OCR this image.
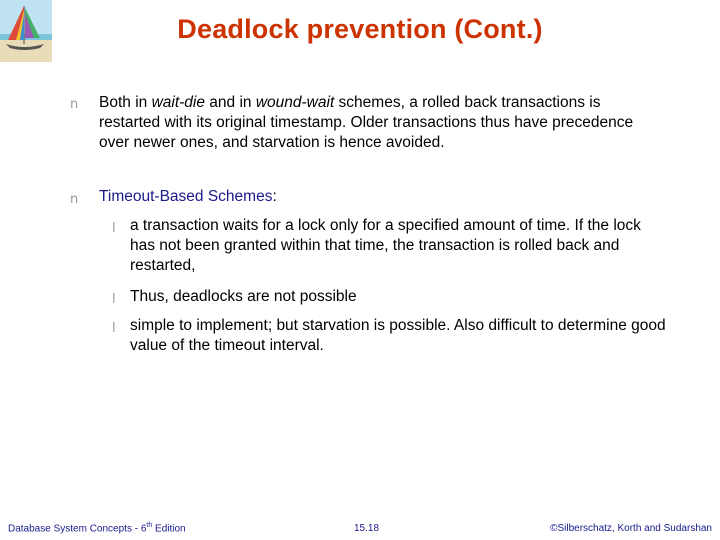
Deadlock prevention (Cont.)
n Both in wait-die and in wound-wait schemes, a rolled back transactions is restarted with its original timestamp. Older transactions thus have precedence over newer ones, and starvation is hence avoided.
n Timeout-Based Schemes:
l a transaction waits for a lock only for a specified amount of time. If the lock has not been granted within that time, the transaction is rolled back and restarted,
l Thus, deadlocks are not possible
l simple to implement; but starvation is possible. Also difficult to determine good value of the timeout interval.
Database System Concepts - 6th Edition	15.18	©Silberschatz, Korth and Sudarshan
